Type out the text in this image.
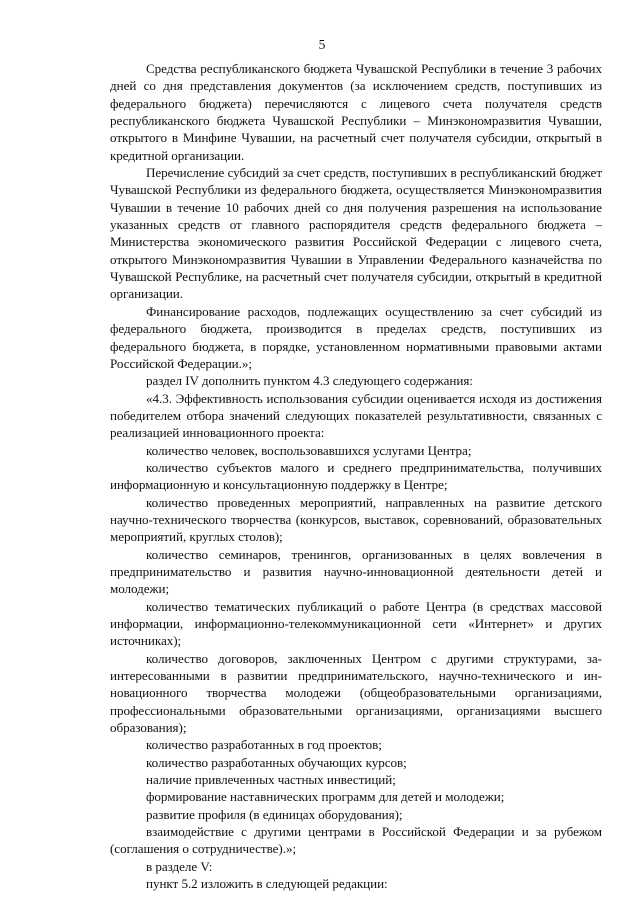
5

Средства республиканского бюджета Чувашской Республики в течение 3 рабочих дней со дня представления документов (за исключением средств, поступивших из федерального бюджета) перечисляются с лицевого счета получателя средств республиканского бюджета Чувашской Республики – Минэкономразвития Чувашии, открытого в Минфине Чувашии, на расчетный счет получателя субсидии, открытый в кредитной организации.

Перечисление субсидий за счет средств, поступивших в республиканский бюджет Чувашской Республики из федерального бюджета, осуществляется Минэкономразвития Чувашии в течение 10 рабочих дней со дня получения разрешения на использование указанных средств от главного распорядителя средств федерального бюджета – Министерства экономического развития Российской Федерации с лицевого счета, открытого Минэкономразвития Чувашии в Управлении Федерального казначейства по Чувашской Республике, на расчетный счет получателя субсидии, открытый в кредитной организации.

Финансирование расходов, подлежащих осуществлению за счет субсидий из федерального бюджета, производится в пределах средств, поступивших из федерального бюджета, в порядке, установленном нормативными правовыми актами Российской Федерации.»;

раздел IV дополнить пунктом 4.3 следующего содержания:

«4.3. Эффективность использования субсидии оценивается исходя из достижения победителем отбора значений следующих показателей результативности, связанных с реализацией инновационного проекта:

количество человек, воспользовавшихся услугами Центра;

количество субъектов малого и среднего предпринимательства, получивших информационную и консультационную поддержку в Центре;

количество проведенных мероприятий, направленных на развитие детского научно-технического творчества (конкурсов, выставок, соревнований, образовательных мероприятий, круглых столов);

количество семинаров, тренингов, организованных в целях вовлечения в предпринимательство и развития научно-инновационной деятельности детей и молодежи;

количество тематических публикаций о работе Центра (в средствах массовой информации, информационно-телекоммуникационной сети «Интернет» и других источниках);

количество договоров, заключенных Центром с другими структурами, заинтересованными в развитии предпринимательского, научно-технического и инновационного творчества молодежи (общеобразовательными организациями, профессиональными образовательными организациями, организациями высшего образования);

количество разработанных в год проектов;

количество разработанных обучающих курсов;

наличие привлеченных частных инвестиций;

формирование наставнических программ для детей и молодежи;

развитие профиля (в единицах оборудования);

взаимодействие с другими центрами в Российской Федерации и за рубежом (соглашения о сотрудничестве).»;

в разделе V:

пункт 5.2 изложить в следующей редакции:
